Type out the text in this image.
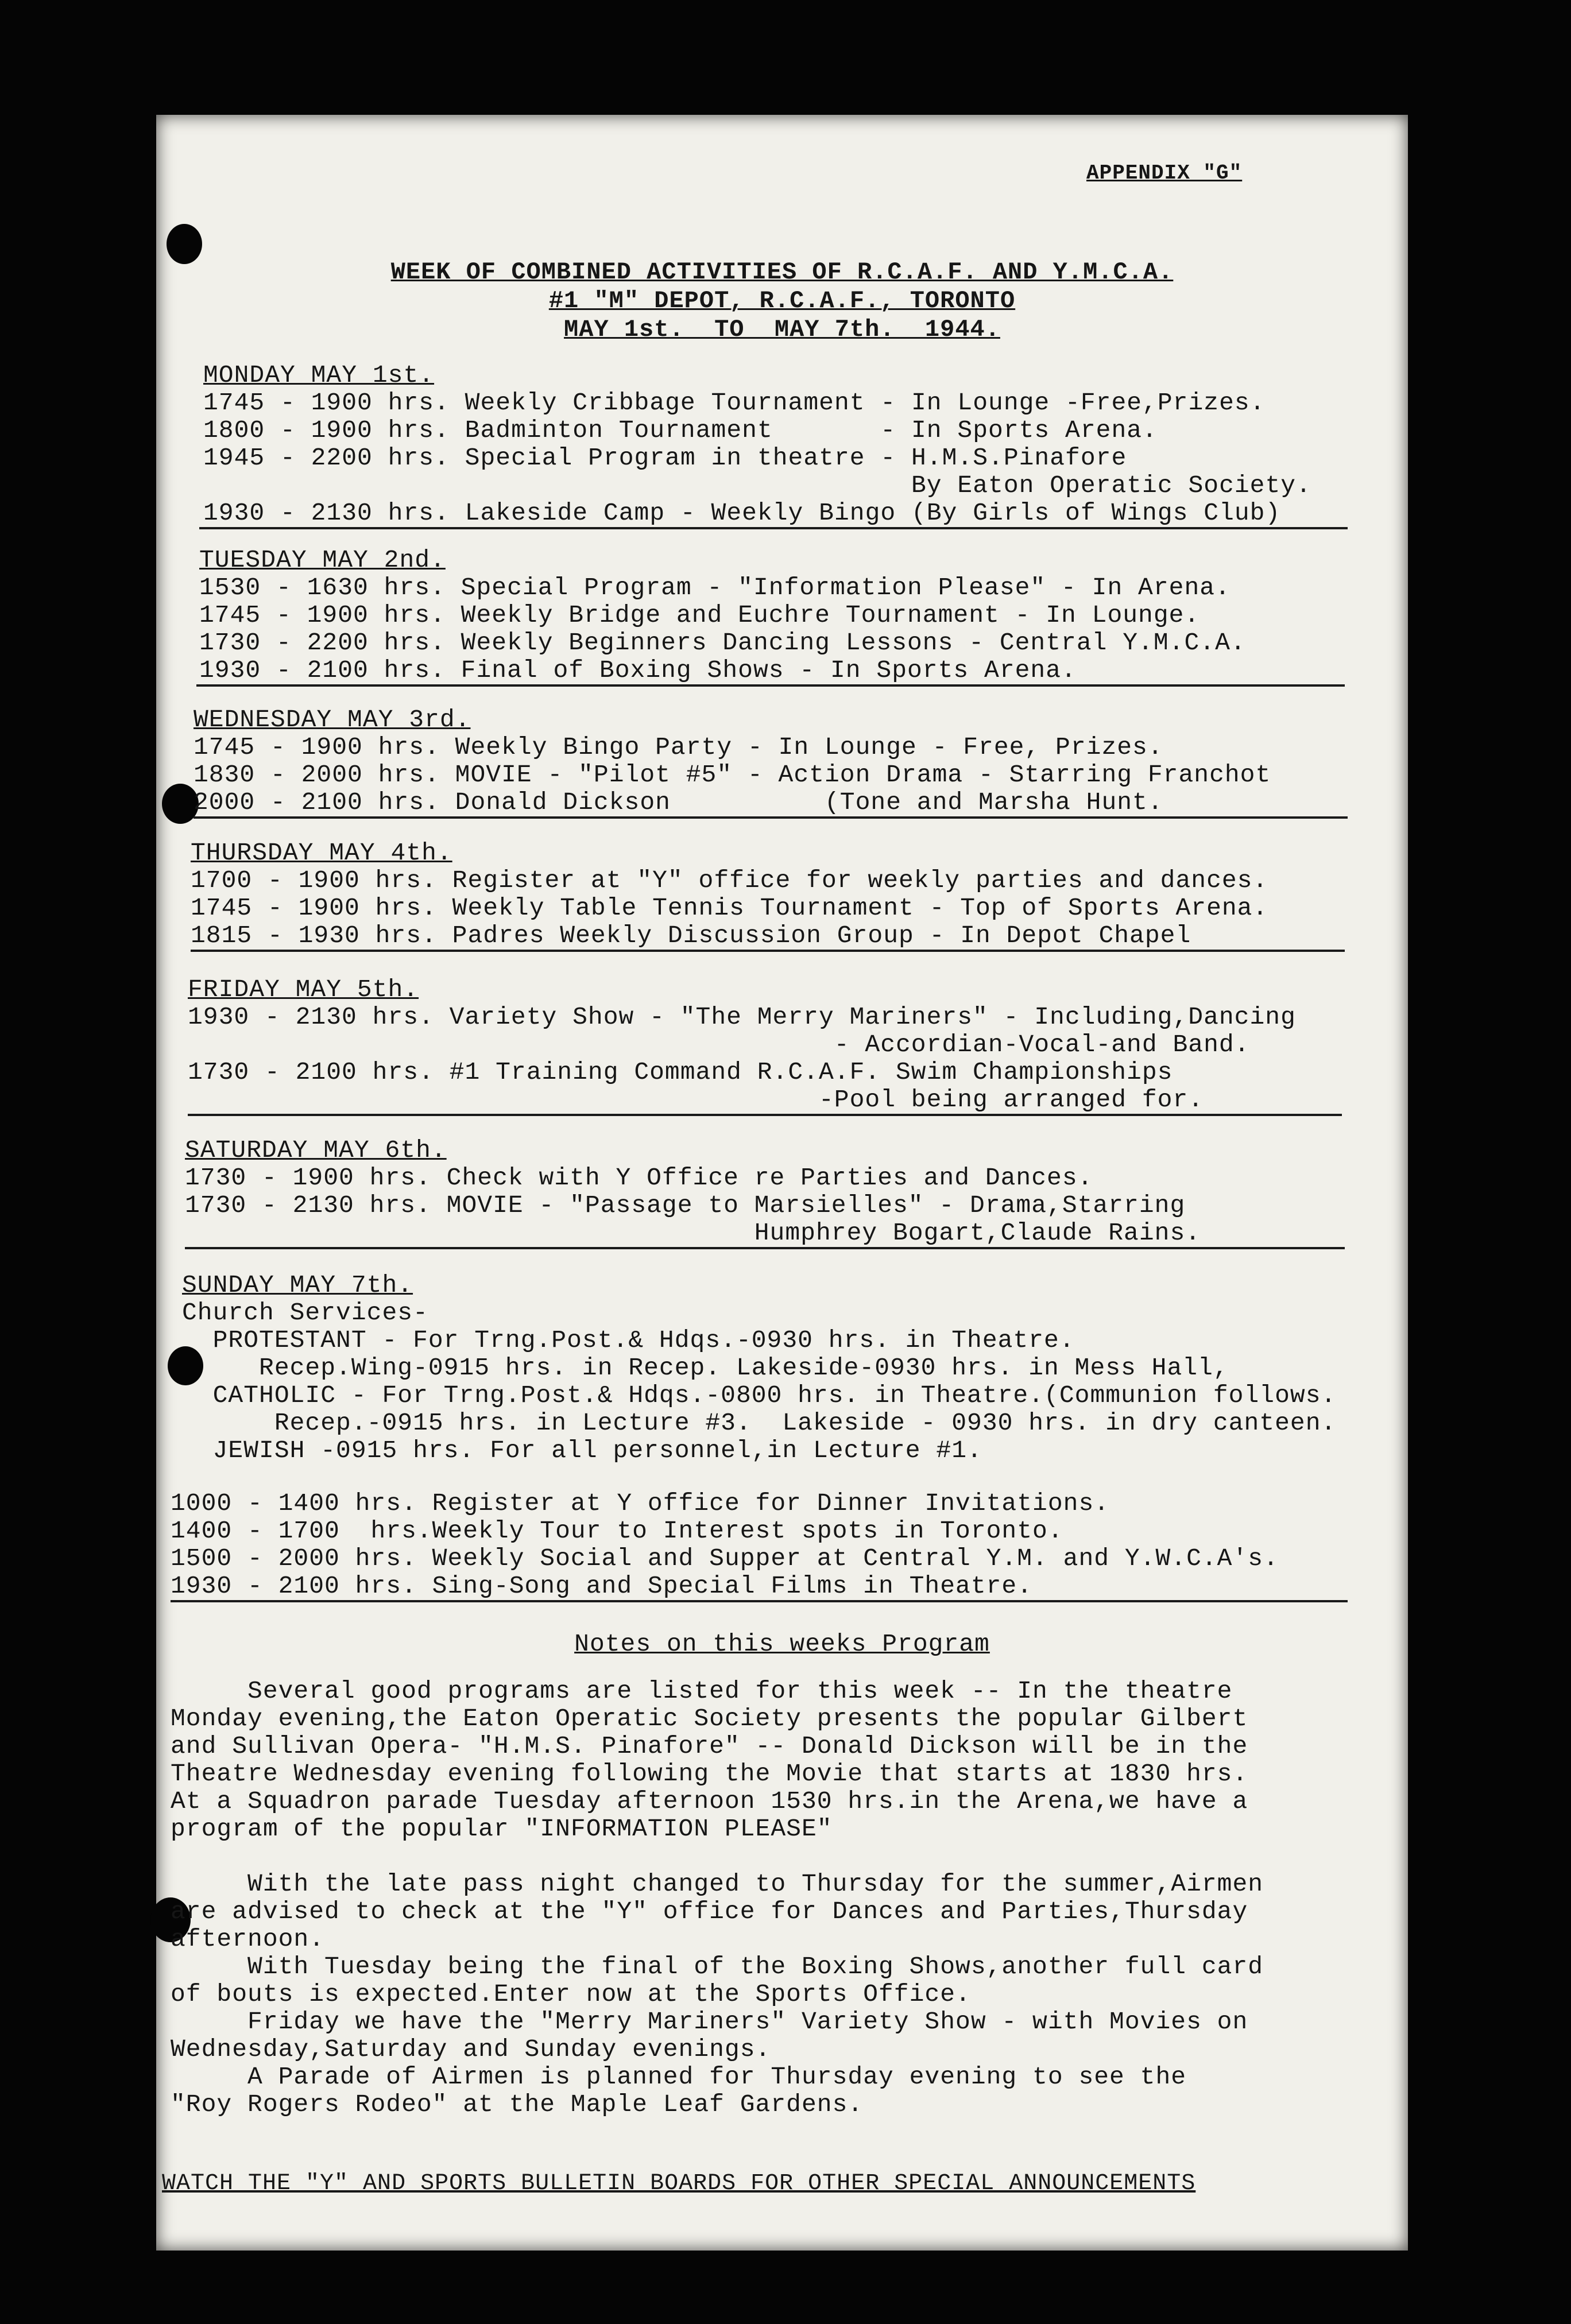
APPENDIX "G"
WEEK OF COMBINED ACTIVITIES OF R.C.A.F. AND Y.M.C.A.
#1 "M" DEPOT, R.C.A.F., TORONTO
MAY 1st.  TO  MAY 7th.  1944.
MONDAY MAY 1st.
1745 - 1900 hrs. Weekly Cribbage Tournament - In Lounge -Free,Prizes.
1800 - 1900 hrs. Badminton Tournament       - In Sports Arena.
1945 - 2200 hrs. Special Program in theatre - H.M.S.Pinafore
By Eaton Operatic Society.
1930 - 2130 hrs. Lakeside Camp - Weekly Bingo (By Girls of Wings Club)
TUESDAY MAY 2nd.
1530 - 1630 hrs. Special Program - "Information Please" - In Arena.
1745 - 1900 hrs. Weekly Bridge and Euchre Tournament - In Lounge.
1730 - 2200 hrs. Weekly Beginners Dancing Lessons - Central Y.M.C.A.
1930 - 2100 hrs. Final of Boxing Shows - In Sports Arena.
WEDNESDAY MAY 3rd.
1745 - 1900 hrs. Weekly Bingo Party - In Lounge - Free, Prizes.
1830 - 2000 hrs. MOVIE - "Pilot #5" - Action Drama - Starring Franchot
2000 - 2100 hrs. Donald Dickson          (Tone and Marsha Hunt.
THURSDAY MAY 4th.
1700 - 1900 hrs. Register at "Y" office for weekly parties and dances.
1745 - 1900 hrs. Weekly Table Tennis Tournament - Top of Sports Arena.
1815 - 1930 hrs. Padres Weekly Discussion Group - In Depot Chapel
FRIDAY MAY 5th.
1930 - 2130 hrs. Variety Show - "The Merry Mariners" - Including,Dancing
- Accordian-Vocal-and Band.
1730 - 2100 hrs. #1 Training Command R.C.A.F. Swim Championships
-Pool being arranged for.
SATURDAY MAY 6th.
1730 - 1900 hrs. Check with Y Office re Parties and Dances.
1730 - 2130 hrs. MOVIE - "Passage to Marsielles" - Drama,Starring
Humphrey Bogart,Claude Rains.
SUNDAY MAY 7th.
Church Services-
PROTESTANT - For Trng.Post.& Hdqs.-0930 hrs. in Theatre.
Recep.Wing-0915 hrs. in Recep. Lakeside-0930 hrs. in Mess Hall,
CATHOLIC - For Trng.Post.& Hdqs.-0800 hrs. in Theatre.(Communion follows.
Recep.-0915 hrs. in Lecture #3.  Lakeside - 0930 hrs. in dry canteen.
JEWISH -0915 hrs. For all personnel,in Lecture #1.
1000 - 1400 hrs. Register at Y office for Dinner Invitations.
1400 - 1700  hrs.Weekly Tour to Interest spots in Toronto.
1500 - 2000 hrs. Weekly Social and Supper at Central Y.M. and Y.W.C.A's.
1930 - 2100 hrs. Sing-Song and Special Films in Theatre.
Notes on this weeks Program
Several good programs are listed for this week -- In the theatre
Monday evening,the Eaton Operatic Society presents the popular Gilbert
and Sullivan Opera- "H.M.S. Pinafore" -- Donald Dickson will be in the
Theatre Wednesday evening following the Movie that starts at 1830 hrs.
At a Squadron parade Tuesday afternoon 1530 hrs.in the Arena,we have a
program of the popular "INFORMATION PLEASE"
With the late pass night changed to Thursday for the summer,Airmen
are advised to check at the "Y" office for Dances and Parties,Thursday
afternoon.
With Tuesday being the final of the Boxing Shows,another full card
of bouts is expected.Enter now at the Sports Office.
Friday we have the "Merry Mariners" Variety Show - with Movies on
Wednesday,Saturday and Sunday evenings.
A Parade of Airmen is planned for Thursday evening to see the
"Roy Rogers Rodeo" at the Maple Leaf Gardens.
WATCH THE "Y" AND SPORTS BULLETIN BOARDS FOR OTHER SPECIAL ANNOUNCEMENTS
